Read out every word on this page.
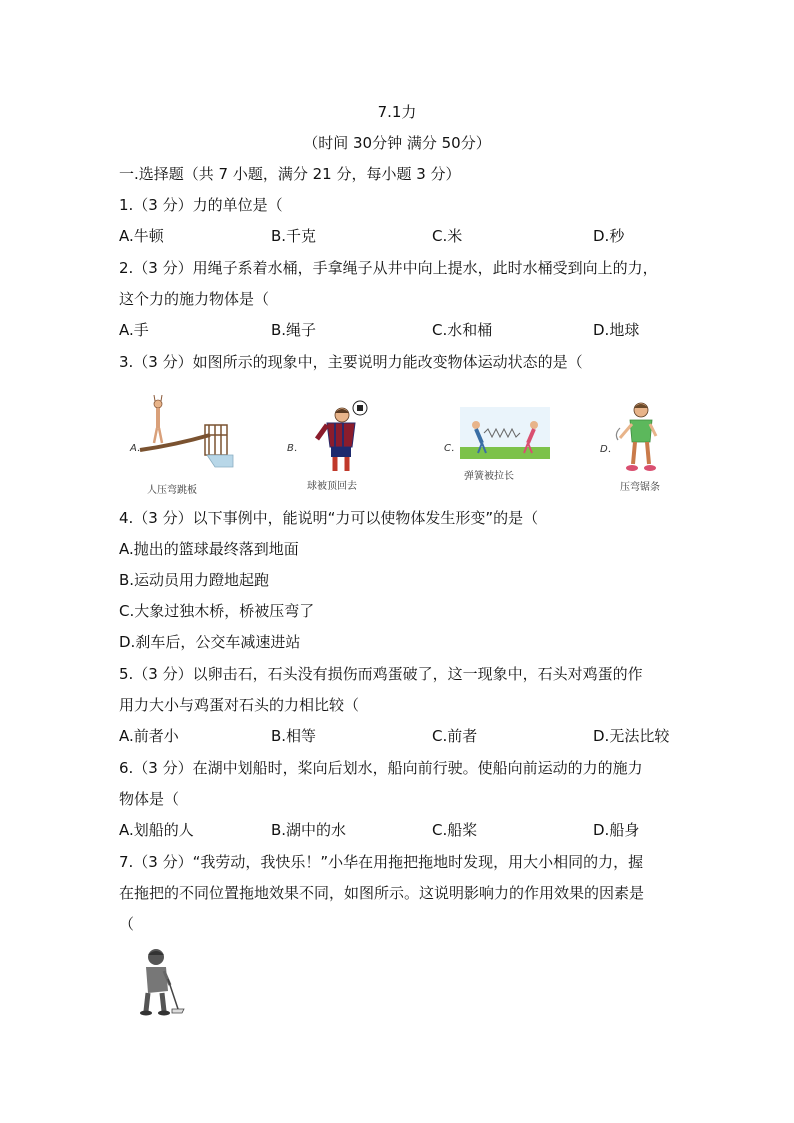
7.1力
（时间 30分钟 满分 50分）
一.选择题（共 7 小题，满分 21 分，每小题 3 分）
1.（3 分）力的单位是（
A.牛顿	B.千克	C.米	D.秒
2.（3 分）用绳子系着水桶，手拿绳子从井中向上提水，此时水桶受到向上的力，
这个力的施力物体是（
A.手	B.绳子	C.水和桶	D.地球
3.（3 分）如图所示的现象中，主要说明力能改变物体运动状态的是（
A．
人压弯跳板
B．
球被顶回去
C．
弹簧被拉长
D．
压弯锯条
4.（3 分）以下事例中，能说明“力可以使物体发生形变”的是（
A.抛出的篮球最终落到地面
B.运动员用力蹬地起跑
C.大象过独木桥，桥被压弯了
D.刹车后，公交车减速进站
5.（3 分）以卵击石，石头没有损伤而鸡蛋破了，这一现象中，石头对鸡蛋的作
用力大小与鸡蛋对石头的力相比较（
A.前者小	B.相等	C.前者	D.无法比较
6.（3 分）在湖中划船时，桨向后划水，船向前行驶。使船向前运动的力的施力
物体是（
A.划船的人	B.湖中的水	C.船桨	D.船身
7.（3 分）“我劳动，我快乐！”小华在用拖把拖地时发现，用大小相同的力，握
在拖把的不同位置拖地效果不同，如图所示。这说明影响力的作用效果的因素是
（
